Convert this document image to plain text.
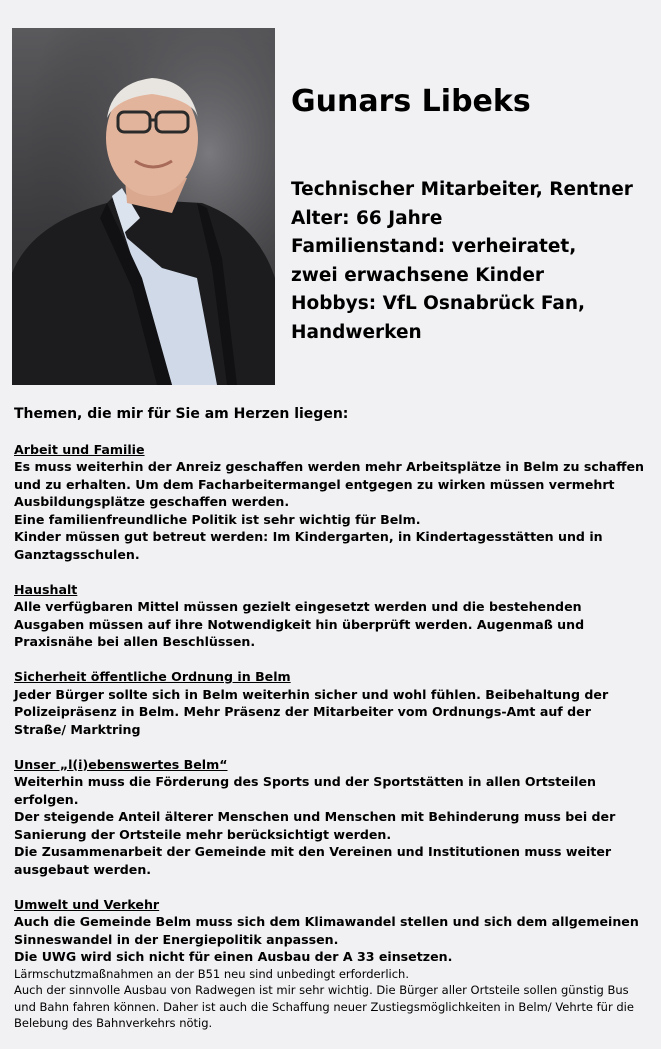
Gunars Libeks
Technischer Mitarbeiter, Rentner
Alter: 66 Jahre
Familienstand: verheiratet,
zwei erwachsene Kinder
Hobbys: VfL Osnabrück Fan,
Handwerken
Themen, die mir für Sie am Herzen liegen:
Arbeit und Familie
Es muss weiterhin der Anreiz geschaffen werden mehr Arbeitsplätze in Belm zu schaffen und zu erhalten. Um dem Facharbeitermangel entgegen zu wirken müssen vermehrt Ausbildungsplätze geschaffen werden.
Eine familienfreundliche Politik ist sehr wichtig für Belm.
Kinder müssen gut betreut werden: Im Kindergarten, in Kindertagesstätten und in Ganztagsschulen.
Haushalt
Alle verfügbaren Mittel müssen gezielt eingesetzt werden und die bestehenden Ausgaben müssen auf ihre Notwendigkeit hin überprüft werden. Augenmaß und Praxisnähe bei allen Beschlüssen.
Sicherheit öffentliche Ordnung in Belm
Jeder Bürger sollte sich in Belm weiterhin sicher und wohl fühlen. Beibehaltung der Polizeipräsenz in Belm. Mehr Präsenz der Mitarbeiter vom Ordnungs-Amt auf der Straße/ Marktring
Unser „l(i)ebenswertes Belm“
Weiterhin muss die Förderung des Sports und der Sportstätten in allen Ortsteilen erfolgen.
Der steigende Anteil älterer Menschen und Menschen mit Behinderung muss bei der Sanierung der Ortsteile mehr berücksichtigt werden.
Die Zusammenarbeit der Gemeinde mit den Vereinen und Institutionen muss weiter ausgebaut werden.
Umwelt und Verkehr
Auch die Gemeinde Belm muss sich dem Klimawandel stellen und sich dem allgemeinen Sinneswandel in der Energiepolitik anpassen.
Die UWG wird sich nicht für einen Ausbau der A 33 einsetzen.
Lärmschutzmaßnahmen an der B51 neu sind unbedingt erforderlich.
Auch der sinnvolle Ausbau von Radwegen ist mir sehr wichtig. Die Bürger aller Ortsteile sollen günstig Bus und Bahn fahren können. Daher ist auch die Schaffung neuer Zustiegsmöglichkeiten in Belm/ Vehrte für die Belebung des Bahnverkehrs nötig.
